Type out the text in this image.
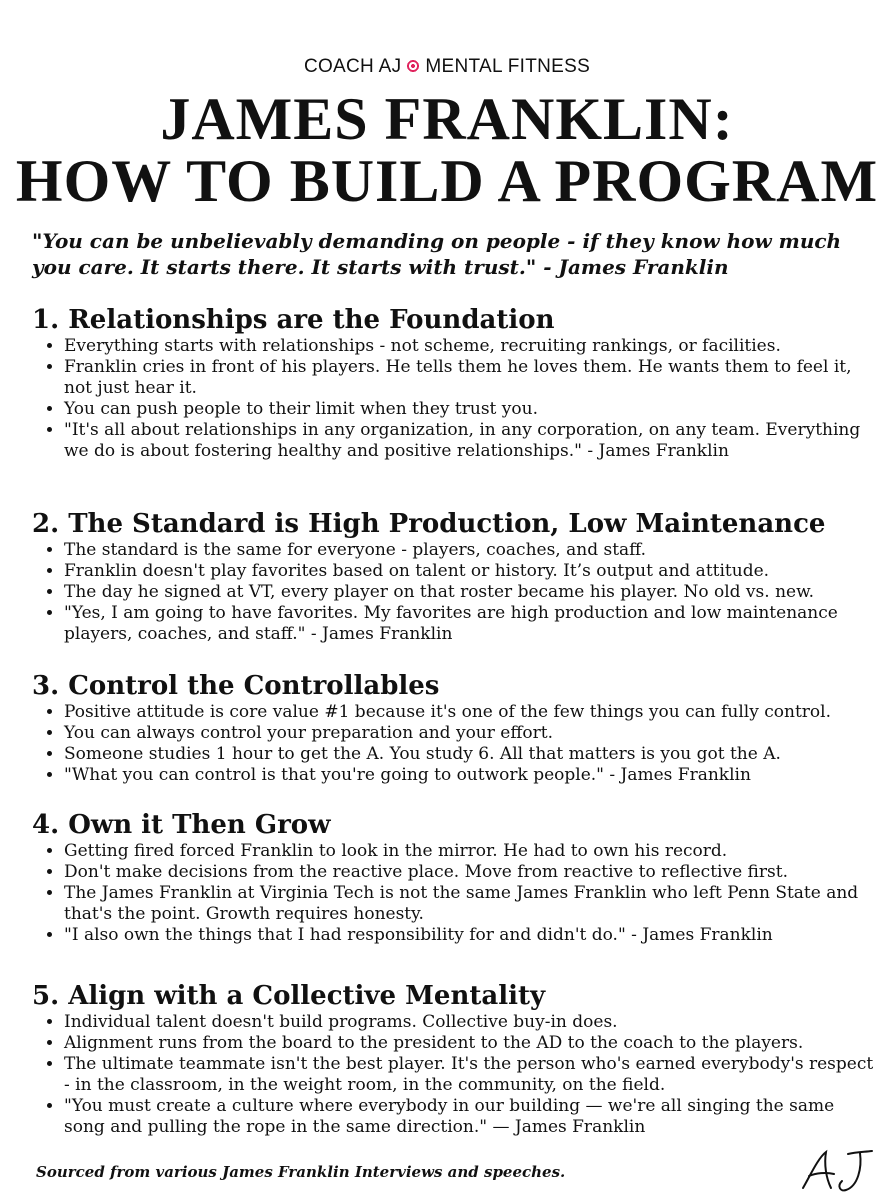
COACH AJ MENTAL FITNESS
JAMES FRANKLIN:
HOW TO BUILD A PROGRAM

"You can be unbelievably demanding on people - if they know how much you care. It starts there. It starts with trust." - James Franklin

1. Relationships are the Foundation
• Everything starts with relationships - not scheme, recruiting rankings, or facilities.
• Franklin cries in front of his players. He tells them he loves them. He wants them to feel it, not just hear it.
• You can push people to their limit when they trust you.
• "It's all about relationships in any organization, in any corporation, on any team. Everything we do is about fostering healthy and positive relationships." - James Franklin
2. The Standard is High Production, Low Maintenance
• The standard is the same for everyone - players, coaches, and staff.
• Franklin doesn't play favorites based on talent or history. It’s output and attitude.
• The day he signed at VT, every player on that roster became his player. No old vs. new.
• "Yes, I am going to have favorites. My favorites are high production and low maintenance players, coaches, and staff." - James Franklin
3. Control the Controllables
• Positive attitude is core value #1 because it's one of the few things you can fully control.
• You can always control your preparation and your effort.
• Someone studies 1 hour to get the A. You study 6. All that matters is you got the A.
• "What you can control is that you're going to outwork people." - James Franklin
4. Own it Then Grow
• Getting fired forced Franklin to look in the mirror. He had to own his record.
• Don't make decisions from the reactive place. Move from reactive to reflective first.
• The James Franklin at Virginia Tech is not the same James Franklin who left Penn State and that's the point. Growth requires honesty.
• "I also own the things that I had responsibility for and didn't do." - James Franklin
5. Align with a Collective Mentality
• Individual talent doesn't build programs. Collective buy-in does.
• Alignment runs from the board to the president to the AD to the coach to the players.
• The ultimate teammate isn't the best player. It's the person who's earned everybody's respect - in the classroom, in the weight room, in the community, on the field.
• "You must create a culture where everybody in our building — we're all singing the same song and pulling the rope in the same direction." — James Franklin

Sourced from various James Franklin Interviews and speeches.
